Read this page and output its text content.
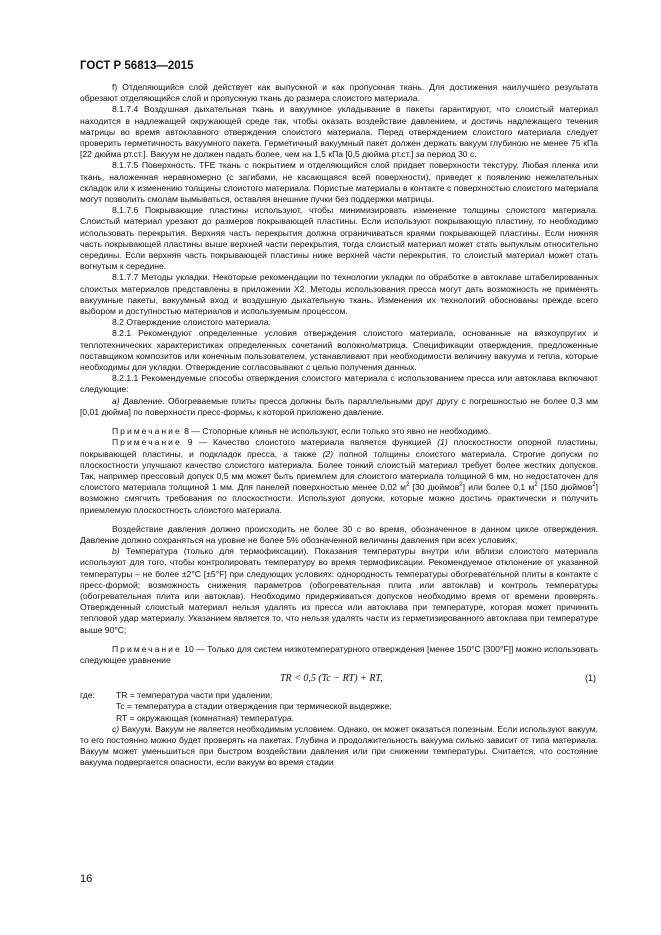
ГОСТ Р 56813—2015

f) Отделяющийся слой действует как выпускной и как пропускная ткань. Для достижения наилучшего результата обрезают отделяющийся слой и пропускную ткань до размера слоистого материала.

8.1.7.4 Воздушная дыхательная ткань и вакуумное укладывание в пакеты гарантируют, что слоистый материал находится в надлежащей окружающей среде так, чтобы оказать воздействие давлением, и достичь надлежащего течения матрицы во время автоклавного отверждения слоистого материала. Перед отверждением слоистого материала следует проверить герметичность вакуумного пакета. Герметичный вакуумный пакет должен держать вакуум глубиною не менее 75 кПа [22 дюйма рт.ст.]. Вакуум не должен падать более, чем на 1,5 кПа [0,5 дюйма рт.ст.] за период 30 с.

8.1.7.5 Поверхность. TFE ткань с покрытием и отделяющийся слой придает поверхности текстуру. Любая пленка или ткань, наложенная неравномерно (с загибами, не касающаяся всей поверхности), приведет к появлению нежелательных складок или к изменению толщины слоистого материала. Пористые материалы в контакте с поверхностью слоистого материала могут позволить смолам вымываться, оставляя внешние пучки без поддержки матрицы.

8.1.7.6 Покрывающие пластины используют, чтобы минимизировать изменение толщины слоистого материала. Слоистый материал урезают до размеров покрывающей пластины. Если используют покрывающую пластину, то необходимо использовать перекрытия. Верхняя часть перекрытия должна ограничиваться краями покрывающей пластины. Если нижняя часть покрывающей пластины выше верхней части перекрытия, тогда слоистый материал может стать выпуклым относительно середины. Если верхняя часть покрывающей пластины ниже верхней части перекрытия, то слоистый материал может стать вогнутым к середине.

8.1.7.7 Методы укладки. Некоторые рекомендации по технологии укладки по обработке в автоклаве штабелированных слоистых материалов представлены в приложении X2. Методы использования пресса могут дать возможность не применять вакуумные пакеты, вакуумный вход и воздушную дыхательную ткань. Изменения их технологий обоснованы прежде всего выбором и доступностью материалов и используемым процессом.

8.2 Отверждение слоистого материала.

8.2.1 Рекомендуют определенные условия отверждения слоистого материала, основанные на вязкоупругих и теплотехнических характеристиках определенных сочетаний волокно/матрица. Спецификации отверждения, предложенные поставщиком композитов или конечным пользователем, устанавливают при необходимости величину вакуума и тепла, которые необходимы для укладки. Отверждение согласовывают с целью получения данных.

8.2.1.1 Рекомендуемые способы отверждения слоистого материала с использованием пресса или автоклава включают следующие:

а) Давление. Обогреваемые плиты пресса должны быть параллельными друг другу с погрешностью не более 0,3 мм [0,01 дюйма] по поверхности пресс-формы, к которой приложено давление.

Примечание 8 — Стопорные клинья не используют, если только это явно не необходимо.

Примечание 9 — Качество слоистого материала является функцией (1) плоскостности опорной пластины, покрывающей пластины, и подкладок пресса, а также (2) полной толщины слоистого материала. Строгие допуски по плоскостности улучшают качество слоистого материала. Более тонкий слоистый материал требует более жестких допусков. Так, например прессовый допуск 0,5 мм может быть приемлем для слоистого материала толщиной 6 мм, но недостаточен для слоистого материала толщиной 1 мм. Для панелей поверхностью менее 0,02 $м^2$ [30 дюймов$^2$] или более 0,1 $м^2$ [150 дюймов$^2$] возможно смягчить требования по плоскостности. Используют допуски, которые можно достичь практически и получить приемлемую плоскостность слоистого материала.

Воздействие давления должно происходить не более 30 с во время, обозначенное в данном цикле отверждения. Давление должно сохраняться на уровне не более 5% обозначенной величины давления при всех условиях;

b) Температура (только для термофиксации). Показания температуры внутри или вблизи слоистого материала используют для того, чтобы контролировать температуру во время термофиксации. Рекомендуемое отклонение от указанной температуры – не более ±2°С [±5°F] при следующих условиях: однородность температуры обогревательной плиты в контакте с пресс-формой; возможность снижения параметров (обогревательная плита или автоклав) и контроль температуры (обогревательная плита или автоклав). Необходимо придерживаться допусков необходимо время от времени проверять. Отвержденный слоистый материал нельзя удалять из пресса или автоклава при температуре, которая может причинить тепловой удар материалу. Указанием является то, что нельзя удалять части из герметизированного автоклава при температуре выше 90°С;

Примечание 10 — Только для систем низкотемпературного отверждения [менее 150°С [300°F]] можно использовать следующее уравнение

TR < 0,5 (Tc − RT) + RT,	(1)
где:	TR = температура части при удалении;
Tc = температура в стадии отверждения при термической выдержке;
RT = окружающая (комнатная) температура.

с) Вакуум. Вакуум не является необходимым условием. Однако, он может оказаться полезным. Если используют вакуум, то его постоянно можно будет проверять на пакетах. Глубина и продолжительность вакуума сильно зависит от типа материала. Вакуум может уменьшиться при быстром воздействии давления или при снижении температуры. Считается, что состояние вакуума подвергается опасности, если вакуум во время стадии

16
